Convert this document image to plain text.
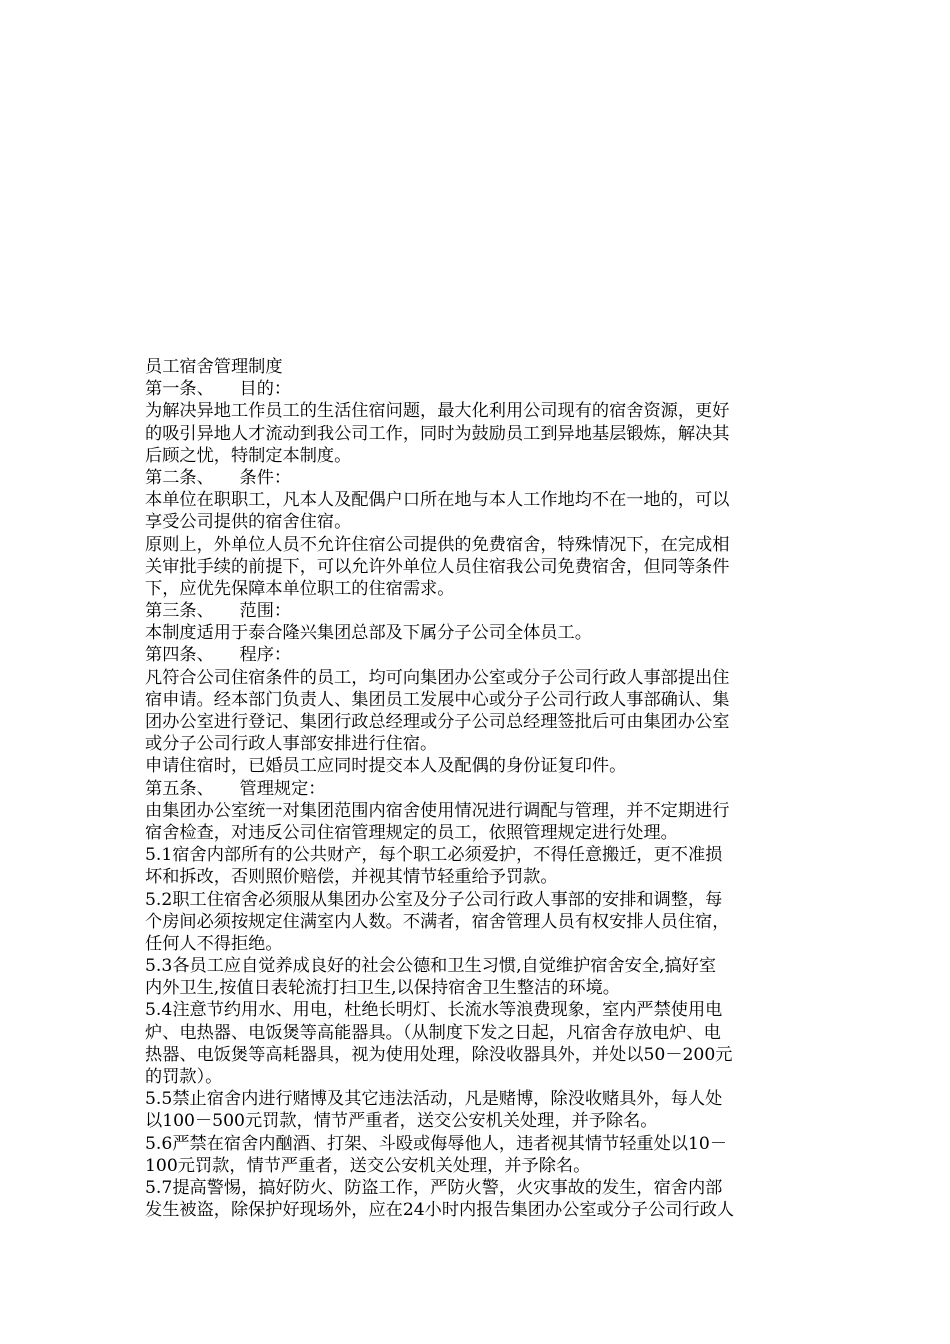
员工宿舍管理制度
第一条、　　目的：
为解决异地工作员工的生活住宿问题，最大化利用公司现有的宿舍资源，更好
的吸引异地人才流动到我公司工作，同时为鼓励员工到异地基层锻炼，解决其
后顾之忧，特制定本制度。
第二条、　　条件：
本单位在职职工，凡本人及配偶户口所在地与本人工作地均不在一地的，可以
享受公司提供的宿舍住宿。
原则上，外单位人员不允许住宿公司提供的免费宿舍，特殊情况下，在完成相
关审批手续的前提下，可以允许外单位人员住宿我公司免费宿舍，但同等条件
下，应优先保障本单位职工的住宿需求。
第三条、　　范围：
本制度适用于泰合隆兴集团总部及下属分子公司全体员工。
第四条、　　程序：
凡符合公司住宿条件的员工，均可向集团办公室或分子公司行政人事部提出住
宿申请。经本部门负责人、集团员工发展中心或分子公司行政人事部确认、集
团办公室进行登记、集团行政总经理或分子公司总经理签批后可由集团办公室
或分子公司行政人事部安排进行住宿。
申请住宿时，已婚员工应同时提交本人及配偶的身份证复印件。
第五条、　　管理规定：
由集团办公室统一对集团范围内宿舍使用情况进行调配与管理，并不定期进行
宿舍检查，对违反公司住宿管理规定的员工，依照管理规定进行处理。
5.1宿舍内部所有的公共财产，每个职工必须爱护，不得任意搬迁，更不准损
坏和拆改，否则照价赔偿，并视其情节轻重给予罚款。
5.2职工住宿舍必须服从集团办公室及分子公司行政人事部的安排和调整，每
个房间必须按规定住满室内人数。不满者，宿舍管理人员有权安排人员住宿，
任何人不得拒绝。
5.3各员工应自觉养成良好的社会公德和卫生习惯,自觉维护宿舍安全,搞好室
内外卫生,按值日表轮流打扫卫生,以保持宿舍卫生整洁的环境。
5.4注意节约用水、用电，杜绝长明灯、长流水等浪费现象，室内严禁使用电
炉、电热器、电饭煲等高能器具。（从制度下发之日起，凡宿舍存放电炉、电
热器、电饭煲等高耗器具，视为使用处理，除没收器具外，并处以50－200元
的罚款）。
5.5禁止宿舍内进行赌博及其它违法活动，凡是赌博，除没收赌具外，每人处
以100－500元罚款，情节严重者，送交公安机关处理，并予除名。
5.6严禁在宿舍内酗酒、打架、斗殴或侮辱他人，违者视其情节轻重处以10－
100元罚款，情节严重者，送交公安机关处理，并予除名。
5.7提高警惕，搞好防火、防盗工作，严防火警，火灾事故的发生，宿舍内部
发生被盗，除保护好现场外，应在24小时内报告集团办公室或分子公司行政人
